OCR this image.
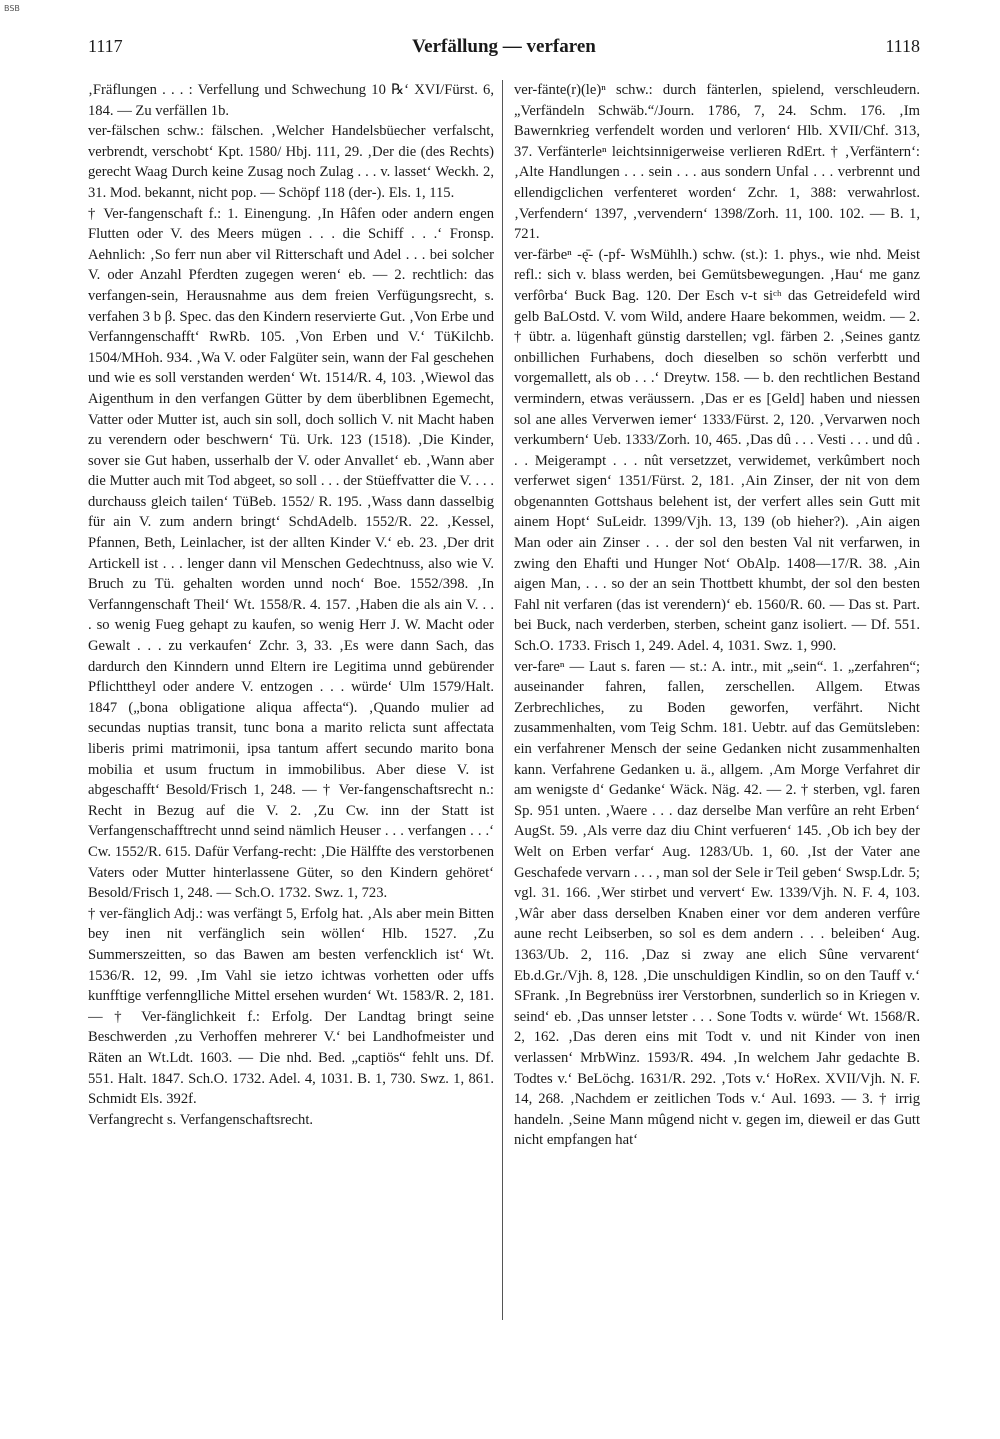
BSB
1117	Verfällung — verfaren	1118

‚Fräflungen . . . : Verfellung und Schwechung 10 ℞‘ XVI/Fürst. 6, 184. — Zu verfällen 1b.

ver-fälschen schw.: fälschen. ‚Welcher Handelsbüecher verfalscht, verbrendt, verschobt‘ Kpt. 1580/ Hbj. 111, 29. ‚Der die (des Rechts) gerecht Waag Durch keine Zusag noch Zulag . . . v. lasset‘ Weckh. 2, 31. Mod. bekannt, nicht pop. — Schöpf 118 (der-). Els. 1, 115.

† Ver-fangenschaft f.: 1. Einengung. ‚In Hâfen oder andern engen Flutten oder V. des Meers mügen . . . die Schiff . . .‘ Fronsp. Aehnlich: ‚So ferr nun aber vil Ritterschaft und Adel . . . bei solcher V. oder Anzahl Pferdten zugegen weren‘ eb. — 2. rechtlich: das verfangen-sein, Herausnahme aus dem freien Verfügungsrecht, s. verfahen 3 b β. Spec. das den Kindern reservierte Gut. ‚Von Erbe und Verfanngenschafft‘ RwRb. 105. ‚Von Erben und V.‘ TüKilchb. 1504/MHoh. 934. ‚Wa V. oder Falgüter sein, wann der Fal geschehen und wie es soll verstanden werden‘ Wt. 1514/R. 4, 103. ‚Wiewol das Aigenthum in den verfangen Gütter by dem überblibnen Egemecht, Vatter oder Mutter ist, auch sin soll, doch sollich V. nit Macht haben zu verendern oder beschwern‘ Tü. Urk. 123 (1518). ‚Die Kinder, sover sie Gut haben, usserhalb der V. oder Anvallet‘ eb. ‚Wann aber die Mutter auch mit Tod abgeet, so soll . . . der Stüeffvatter die V. . . . durchauss gleich tailen‘ TüBeb. 1552/ R. 195. ‚Wass dann dasselbig für ain V. zum andern bringt‘ SchdAdelb. 1552/R. 22. ‚Kessel, Pfannen, Beth, Leinlacher, ist der allten Kinder V.‘ eb. 23. ‚Der drit Artickell ist . . . lenger dann vil Menschen Gedechtnuss, also wie V. Bruch zu Tü. gehalten worden unnd noch‘ Boe. 1552/398. ‚In Verfanngenschaft Theil‘ Wt. 1558/R. 4. 157. ‚Haben die als ain V. . . . so wenig Fueg gehapt zu kaufen, so wenig Herr J. W. Macht oder Gewalt . . . zu verkaufen‘ Zchr. 3, 33. ‚Es were dann Sach, das dardurch den Kinndern unnd Eltern ire Legitima unnd gebürender Pflichttheyl oder andere V. entzogen . . . würde‘ Ulm 1579/Halt. 1847 („bona obligatione aliqua affecta“). ‚Quando mulier ad secundas nuptias transit, tunc bona a marito relicta sunt affectata liberis primi matrimonii, ipsa tantum affert secundo marito bona mobilia et usum fructum in immobilibus. Aber diese V. ist abgeschafft‘ Besold/Frisch 1, 248. — † Ver-fangenschaftsrecht n.: Recht in Bezug auf die V. 2. ‚Zu Cw. inn der Statt ist Verfangenschafftrecht unnd seind nämlich Heuser . . . verfangen . . .‘ Cw. 1552/R. 615. Dafür Verfang-recht: ‚Die Hälffte des verstorbenen Vaters oder Mutter hinterlassene Güter, so den Kindern gehöret‘ Besold/Frisch 1, 248. — Sch.O. 1732. Swz. 1, 723.

† ver-fänglich Adj.: was verfängt 5, Erfolg hat. ‚Als aber mein Bitten bey inen nit verfänglich sein wöllen‘ Hlb. 1527. ‚Zu Summerszeitten, so das Bawen am besten verfencklich ist‘ Wt. 1536/R. 12, 99. ‚Im Vahl sie ietzo ichtwas vorhetten oder uffs kunfftige verfennglliche Mittel ersehen wurden‘ Wt. 1583/R. 2, 181. — † Ver-fänglichkeit f.: Erfolg. Der Landtag bringt seine Beschwerden ‚zu Verhoffen mehrerer V.‘ bei Landhofmeister und Räten an Wt.Ldt. 1603. — Die nhd. Bed. „captiös“ fehlt uns. Df. 551. Halt. 1847. Sch.O. 1732. Adel. 4, 1031. B. 1, 730. Swz. 1, 861. Schmidt Els. 392f.

Verfangrecht s. Verfangenschaftsrecht.

ver-fänte(r)(le)ⁿ schw.: durch fänterlen, spielend, verschleudern. „Verfändeln Schwäb.“/Journ. 1786, 7, 24. Schm. 176. ‚Im Bawernkrieg verfendelt worden und verloren‘ Hlb. XVII/Chf. 313, 37. Verfänterleⁿ leichtsinnigerweise verlieren RdErt. † ‚Verfäntern‘: ‚Alte Handlungen . . . sein . . . aus sondern Unfal . . . verbrennt und ellendigclichen verfenteret worden‘ Zchr. 1, 388: verwahrlost. ‚Verfendern‘ 1397, ‚vervendern‘ 1398/Zorh. 11, 100. 102. — B. 1, 721.

ver-färbeⁿ -ę̄- (-pf- WsMühlh.) schw. (st.): 1. phys., wie nhd. Meist refl.: sich v. blass werden, bei Gemütsbewegungen. ‚Hau‘ me ganz verfôrba‘ Buck Bag. 120. Der Esch v-t siᶜʰ das Getreidefeld wird gelb BaLOstd. V. vom Wild, andere Haare bekommen, weidm. — 2. † übtr. a. lügenhaft günstig darstellen; vgl. färben 2. ‚Seines gantz onbillichen Furhabens, doch dieselben so schön verferbtt und vorgemallett, als ob . . .‘ Dreytw. 158. — b. den rechtlichen Bestand vermindern, etwas veräussern. ‚Das er es [Geld] haben und niessen sol ane alles Ververwen iemer‘ 1333/Fürst. 2, 120. ‚Vervarwen noch verkumbern‘ Ueb. 1333/Zorh. 10, 465. ‚Das dû . . . Vesti . . . und dû . . . Meigerampt . . . nût versetzzet, verwidemet, verkûmbert noch verferwet sigen‘ 1351/Fürst. 2, 181. ‚Ain Zinser, der nit von dem obgenannten Gottshaus belehent ist, der verfert alles sein Gutt mit ainem Hopt‘ SuLeidr. 1399/Vjh. 13, 139 (ob hieher?). ‚Ain aigen Man oder ain Zinser . . . der sol den besten Val nit verfarwen, in zwing den Ehafti und Hunger Not‘ ObAlp. 1408—17/R. 38. ‚Ain aigen Man, . . . so der an sein Thottbett khumbt, der sol den besten Fahl nit verfaren (das ist verendern)‘ eb. 1560/R. 60. — Das st. Part. bei Buck, nach verderben, sterben, scheint ganz isoliert. — Df. 551. Sch.O. 1733. Frisch 1, 249. Adel. 4, 1031. Swz. 1, 990.

ver-fareⁿ — Laut s. faren — st.: A. intr., mit „sein“. 1. „zerfahren“; auseinander fahren, fallen, zerschellen. Allgem. Etwas Zerbrechliches, zu Boden geworfen, verfährt. Nicht zusammenhalten, vom Teig Schm. 181. Uebtr. auf das Gemütsleben: ein verfahrener Mensch der seine Gedanken nicht zusammenhalten kann. Verfahrene Gedanken u. ä., allgem. ‚Am Morge Verfahret dir am wenigste d‘ Gedanke‘ Wäck. Näg. 42. — 2. † sterben, vgl. faren Sp. 951 unten. ‚Waere . . . daz derselbe Man verfûre an reht Erben‘ AugSt. 59. ‚Als verre daz diu Chint verfueren‘ 145. ‚Ob ich bey der Welt on Erben verfar‘ Aug. 1283/Ub. 1, 60. ‚Ist der Vater ane Geschafede vervarn . . . , man sol der Sele ir Teil geben‘ Swsp.Ldr. 5; vgl. 31. 166. ‚Wer stirbet und ververt‘ Ew. 1339/Vjh. N. F. 4, 103. ‚Wâr aber dass derselben Knaben einer vor dem anderen verfûre aune recht Leibserben, so sol es dem andern . . . beleiben‘ Aug. 1363/Ub. 2, 116. ‚Daz si zway ane elich Sûne vervarent‘ Eb.d.Gr./Vjh. 8, 128. ‚Die unschuldigen Kindlin, so on den Tauff v.‘ SFrank. ‚In Begrebnüss irer Verstorbnen, sunderlich so in Kriegen v. seind‘ eb. ‚Das unnser letster . . . Sone Todts v. würde‘ Wt. 1568/R. 2, 162. ‚Das deren eins mit Todt v. und nit Kinder von inen verlassen‘ MrbWinz. 1593/R. 494. ‚In welchem Jahr gedachte B. Todtes v.‘ BeLöchg. 1631/R. 292. ‚Tots v.‘ HoRex. XVII/Vjh. N. F. 14, 268. ‚Nachdem er zeitlichen Tods v.‘ Aul. 1693. — 3. † irrig handeln. ‚Seine Mann mûgend nicht v. gegen im, dieweil er das Gutt nicht empfangen hat‘
